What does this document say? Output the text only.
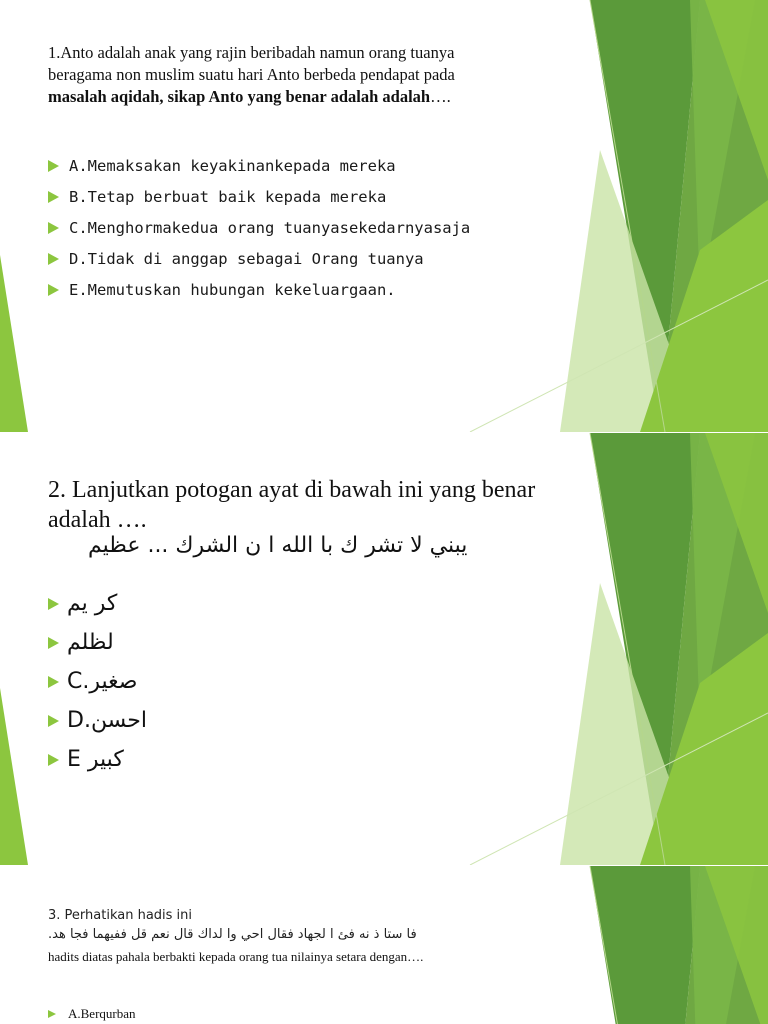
1.Anto adalah anak yang rajin beribadah namun orang tuanya
beragama non muslim suatu hari Anto berbeda pendapat pada
masalah aqidah, sikap Anto yang benar adalah adalah….
A.Memaksakan keyakinankepada mereka
B.Tetap berbuat baik kepada mereka
C.Menghormakedua orang tuanyasekedarnyasaja
D.Tidak di anggap sebagai Orang tuanya
E.Memutuskan hubungan kekeluargaan.
2. Lanjutkan potogan ayat di bawah ini yang benar adalah ….
يبني لا تشر ك با الله ا ن الشرك ... عظيم
كر يم
لظلم
C.صغير
D.احسن
E كبير
3. Perhatikan hadis ini
فا ستا ذ نه فئ ا لجهاد فقال احي وا لداك قال نعم قل ففيهما فجا هد.
hadits diatas pahala berbakti kepada orang tua nilainya setara dengan….
A.Berqurban
